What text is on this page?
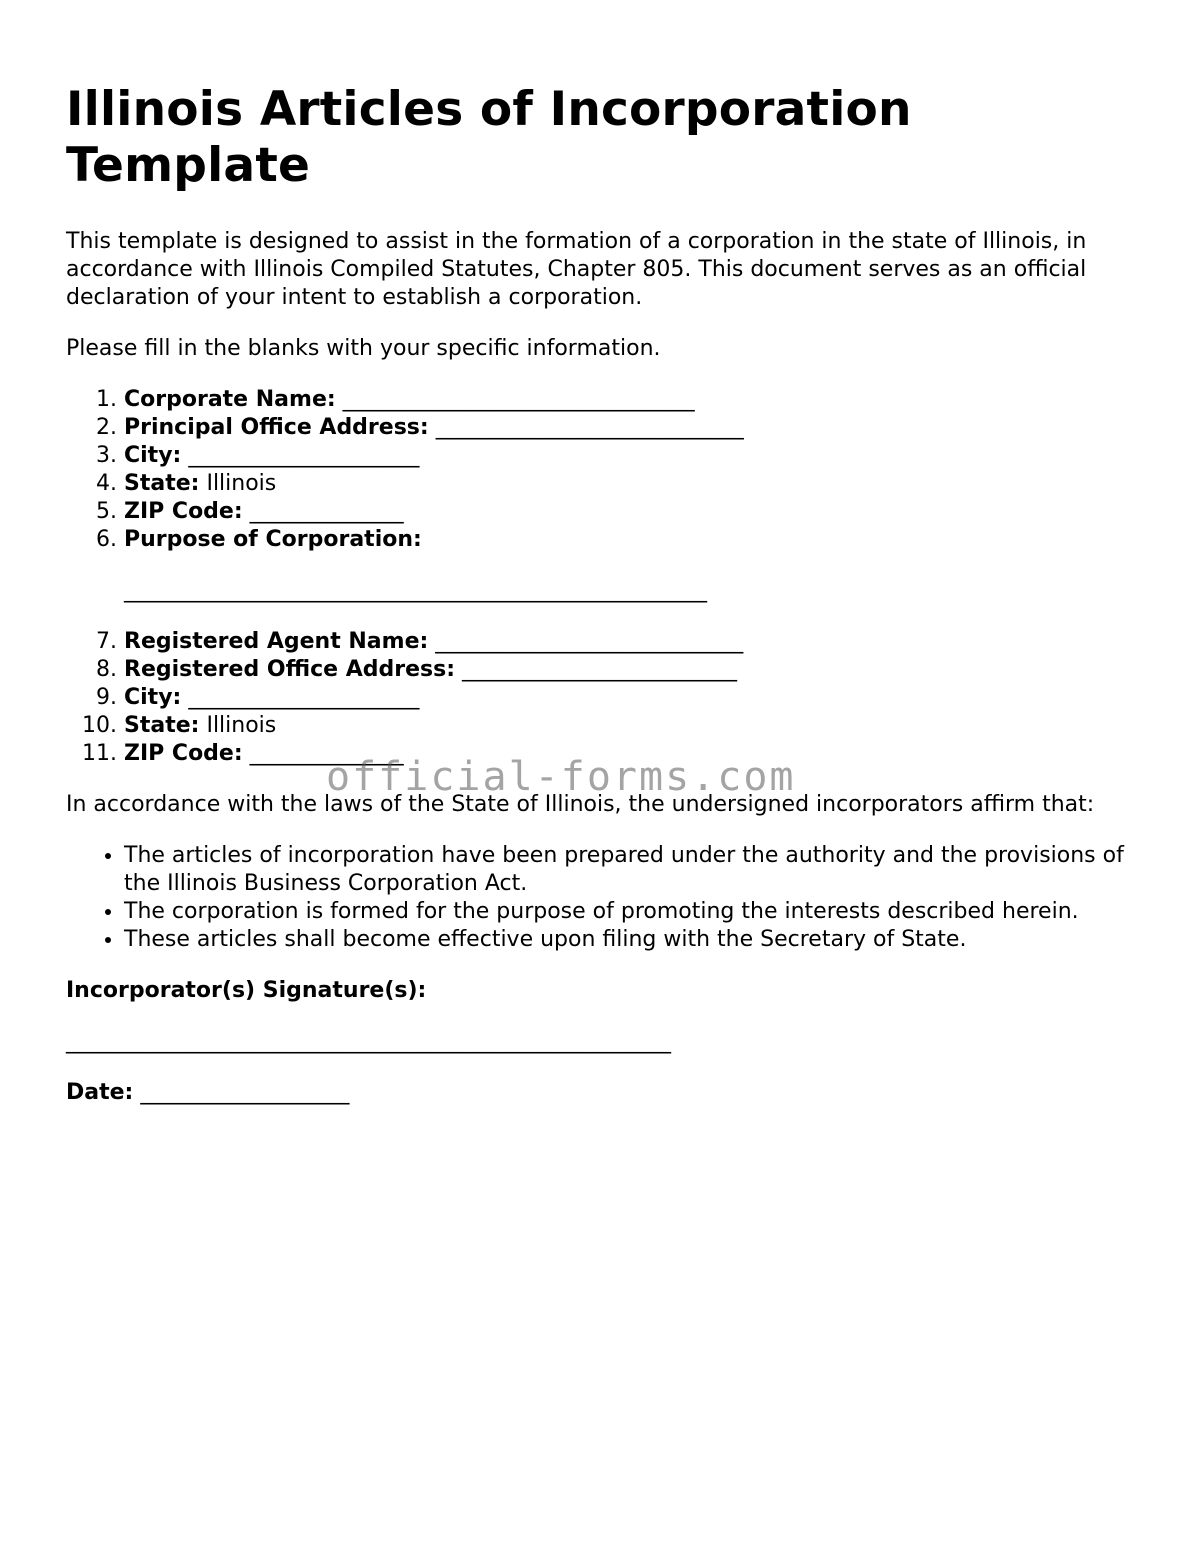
Illinois Articles of Incorporation Template

This template is designed to assist in the formation of a corporation in the state of Illinois, in accordance with Illinois Compiled Statutes, Chapter 805. This document serves as an official declaration of your intent to establish a corporation.

Please fill in the blanks with your specific information.

1. Corporate Name: ________________________________
2. Principal Office Address: ____________________________
3. City: _____________________
4. State: Illinois
5. ZIP Code: ______________
6. Purpose of Corporation:
_____________________________________________________
7. Registered Agent Name: ____________________________
8. Registered Office Address: _________________________
9. City: _____________________
10. State: Illinois
11. ZIP Code: ______________

In accordance with the laws of the State of Illinois, the undersigned incorporators affirm that:

• The articles of incorporation have been prepared under the authority and the provisions of the Illinois Business Corporation Act.
• The corporation is formed for the purpose of promoting the interests described herein.
• These articles shall become effective upon filing with the Secretary of State.
Incorporator(s) Signature(s):
_______________________________________________________
Date: ___________________
official-forms.com
